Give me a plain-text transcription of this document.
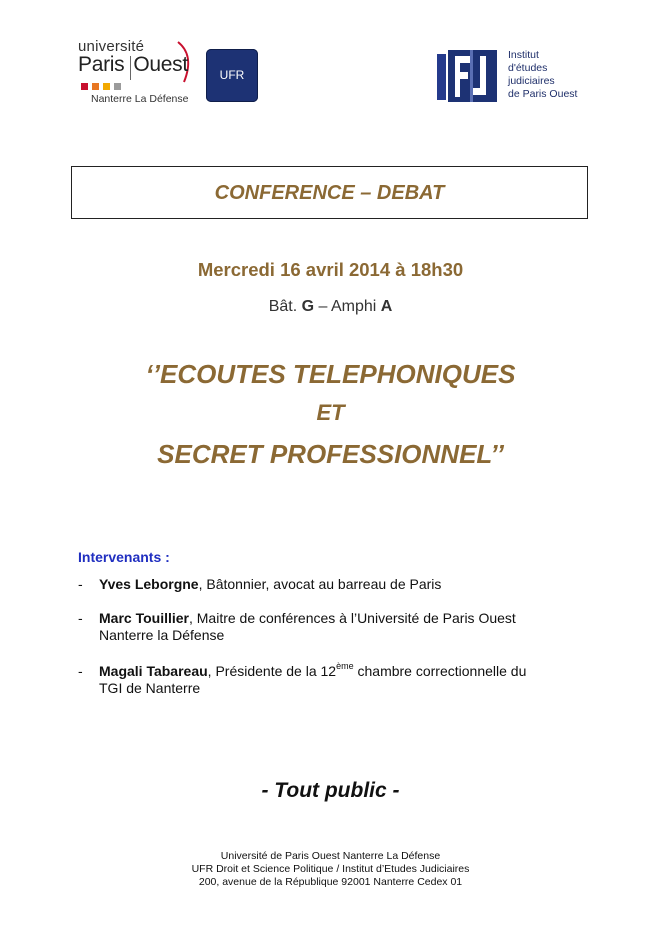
université
Paris Ouest
Nanterre La Défense
UFR
Institut
d'études
judiciaires
de Paris Ouest
CONFERENCE – DEBAT
Mercredi 16 avril 2014 à 18h30
Bât. G – Amphi A
‘’ECOUTES TELEPHONIQUES
ET
SECRET PROFESSIONNEL’’
Intervenants :
- Yves Leborgne, Bâtonnier, avocat au barreau de Paris
- Marc Touillier, Maitre de conférences à l’Université de Paris Ouest
Nanterre la Défense
- Magali Tabareau, Présidente de la 12ème chambre correctionnelle du
TGI de Nanterre
- Tout public -
Université de Paris Ouest Nanterre La Défense
UFR Droit et Science Politique / Institut d’Etudes Judiciaires
200, avenue de la République 92001 Nanterre Cedex 01
